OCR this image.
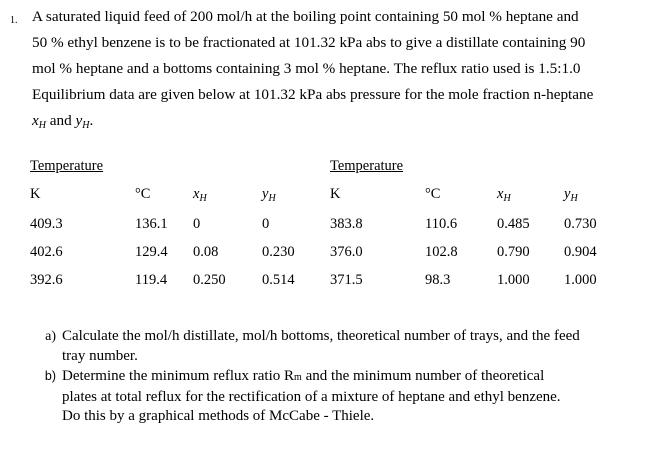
1. A saturated liquid feed of 200 mol/h at the boiling point containing 50 mol % heptane and
50 % ethyl benzene is to be fractionated at 101.32 kPa abs to give a distillate containing 90
mol % heptane and a bottoms containing 3 mol % heptane. The reflux ratio used is 1.5:1.0
Equilibrium data are given below at 101.32 kPa abs pressure for the mole fraction n-heptane
$x_H$ and $y_H$.
Temperature	Temperature
K	°C	$x_H$	$y_H$	K	°C	$x_H$	$y_H$
409.3	136.1 0	0	383.8	110.6	0.485 0.730
402.6	129.4 0.08	0.230 376.0	102.8	0.790 0.904
392.6	119.4 0.250	0.514 371.5	98.3	1.000 1.000
a) Calculate the mol/h distillate, mol/h bottoms, theoretical number of trays, and the feed
tray number.
b) Determine the minimum reflux ratio Rm and the minimum number of theoretical
plates at total reflux for the rectification of a mixture of heptane and ethyl benzene.
Do this by a graphical methods of McCabe - Thiele.
